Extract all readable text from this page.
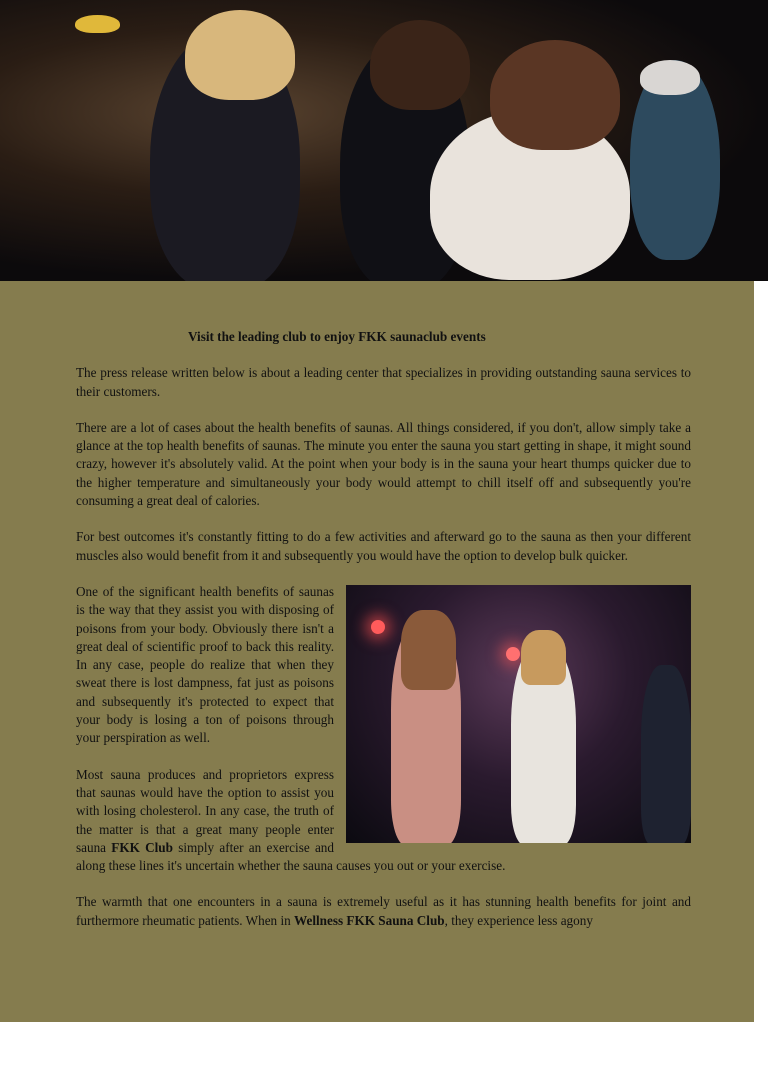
Visit the leading club to enjoy FKK saunaclub events

The press release written below is about a leading center that specializes in providing outstanding sauna services to their customers.

There are a lot of cases about the health benefits of saunas. All things considered, if you don't, allow simply take a glance at the top health benefits of saunas. The minute you enter the sauna you start getting in shape, it might sound crazy, however it's absolutely valid. At the point when your body is in the sauna your heart thumps quicker due to the higher temperature and simultaneously your body would attempt to chill itself off and subsequently you're consuming a great deal of calories.

For best outcomes it's constantly fitting to do a few activities and afterward go to the sauna as then your different muscles also would benefit from it and subsequently you would have the option to develop bulk quicker.

One of the significant health benefits of saunas is the way that they assist you with disposing of poisons from your body. Obviously there isn't a great deal of scientific proof to back this reality. In any case, people do realize that when they sweat there is lost dampness, fat just as poisons and subsequently it's protected to expect that your body is losing a ton of poisons through your perspiration as well.

Most sauna produces and proprietors express that saunas would have the option to assist you with losing cholesterol. In any case, the truth of the matter is that a great many people enter sauna FKK Club simply after an exercise and along these lines it's uncertain whether the sauna causes you out or your exercise.

The warmth that one encounters in a sauna is extremely useful as it has stunning health benefits for joint and furthermore rheumatic patients. When in Wellness FKK Sauna Club, they experience less agony
